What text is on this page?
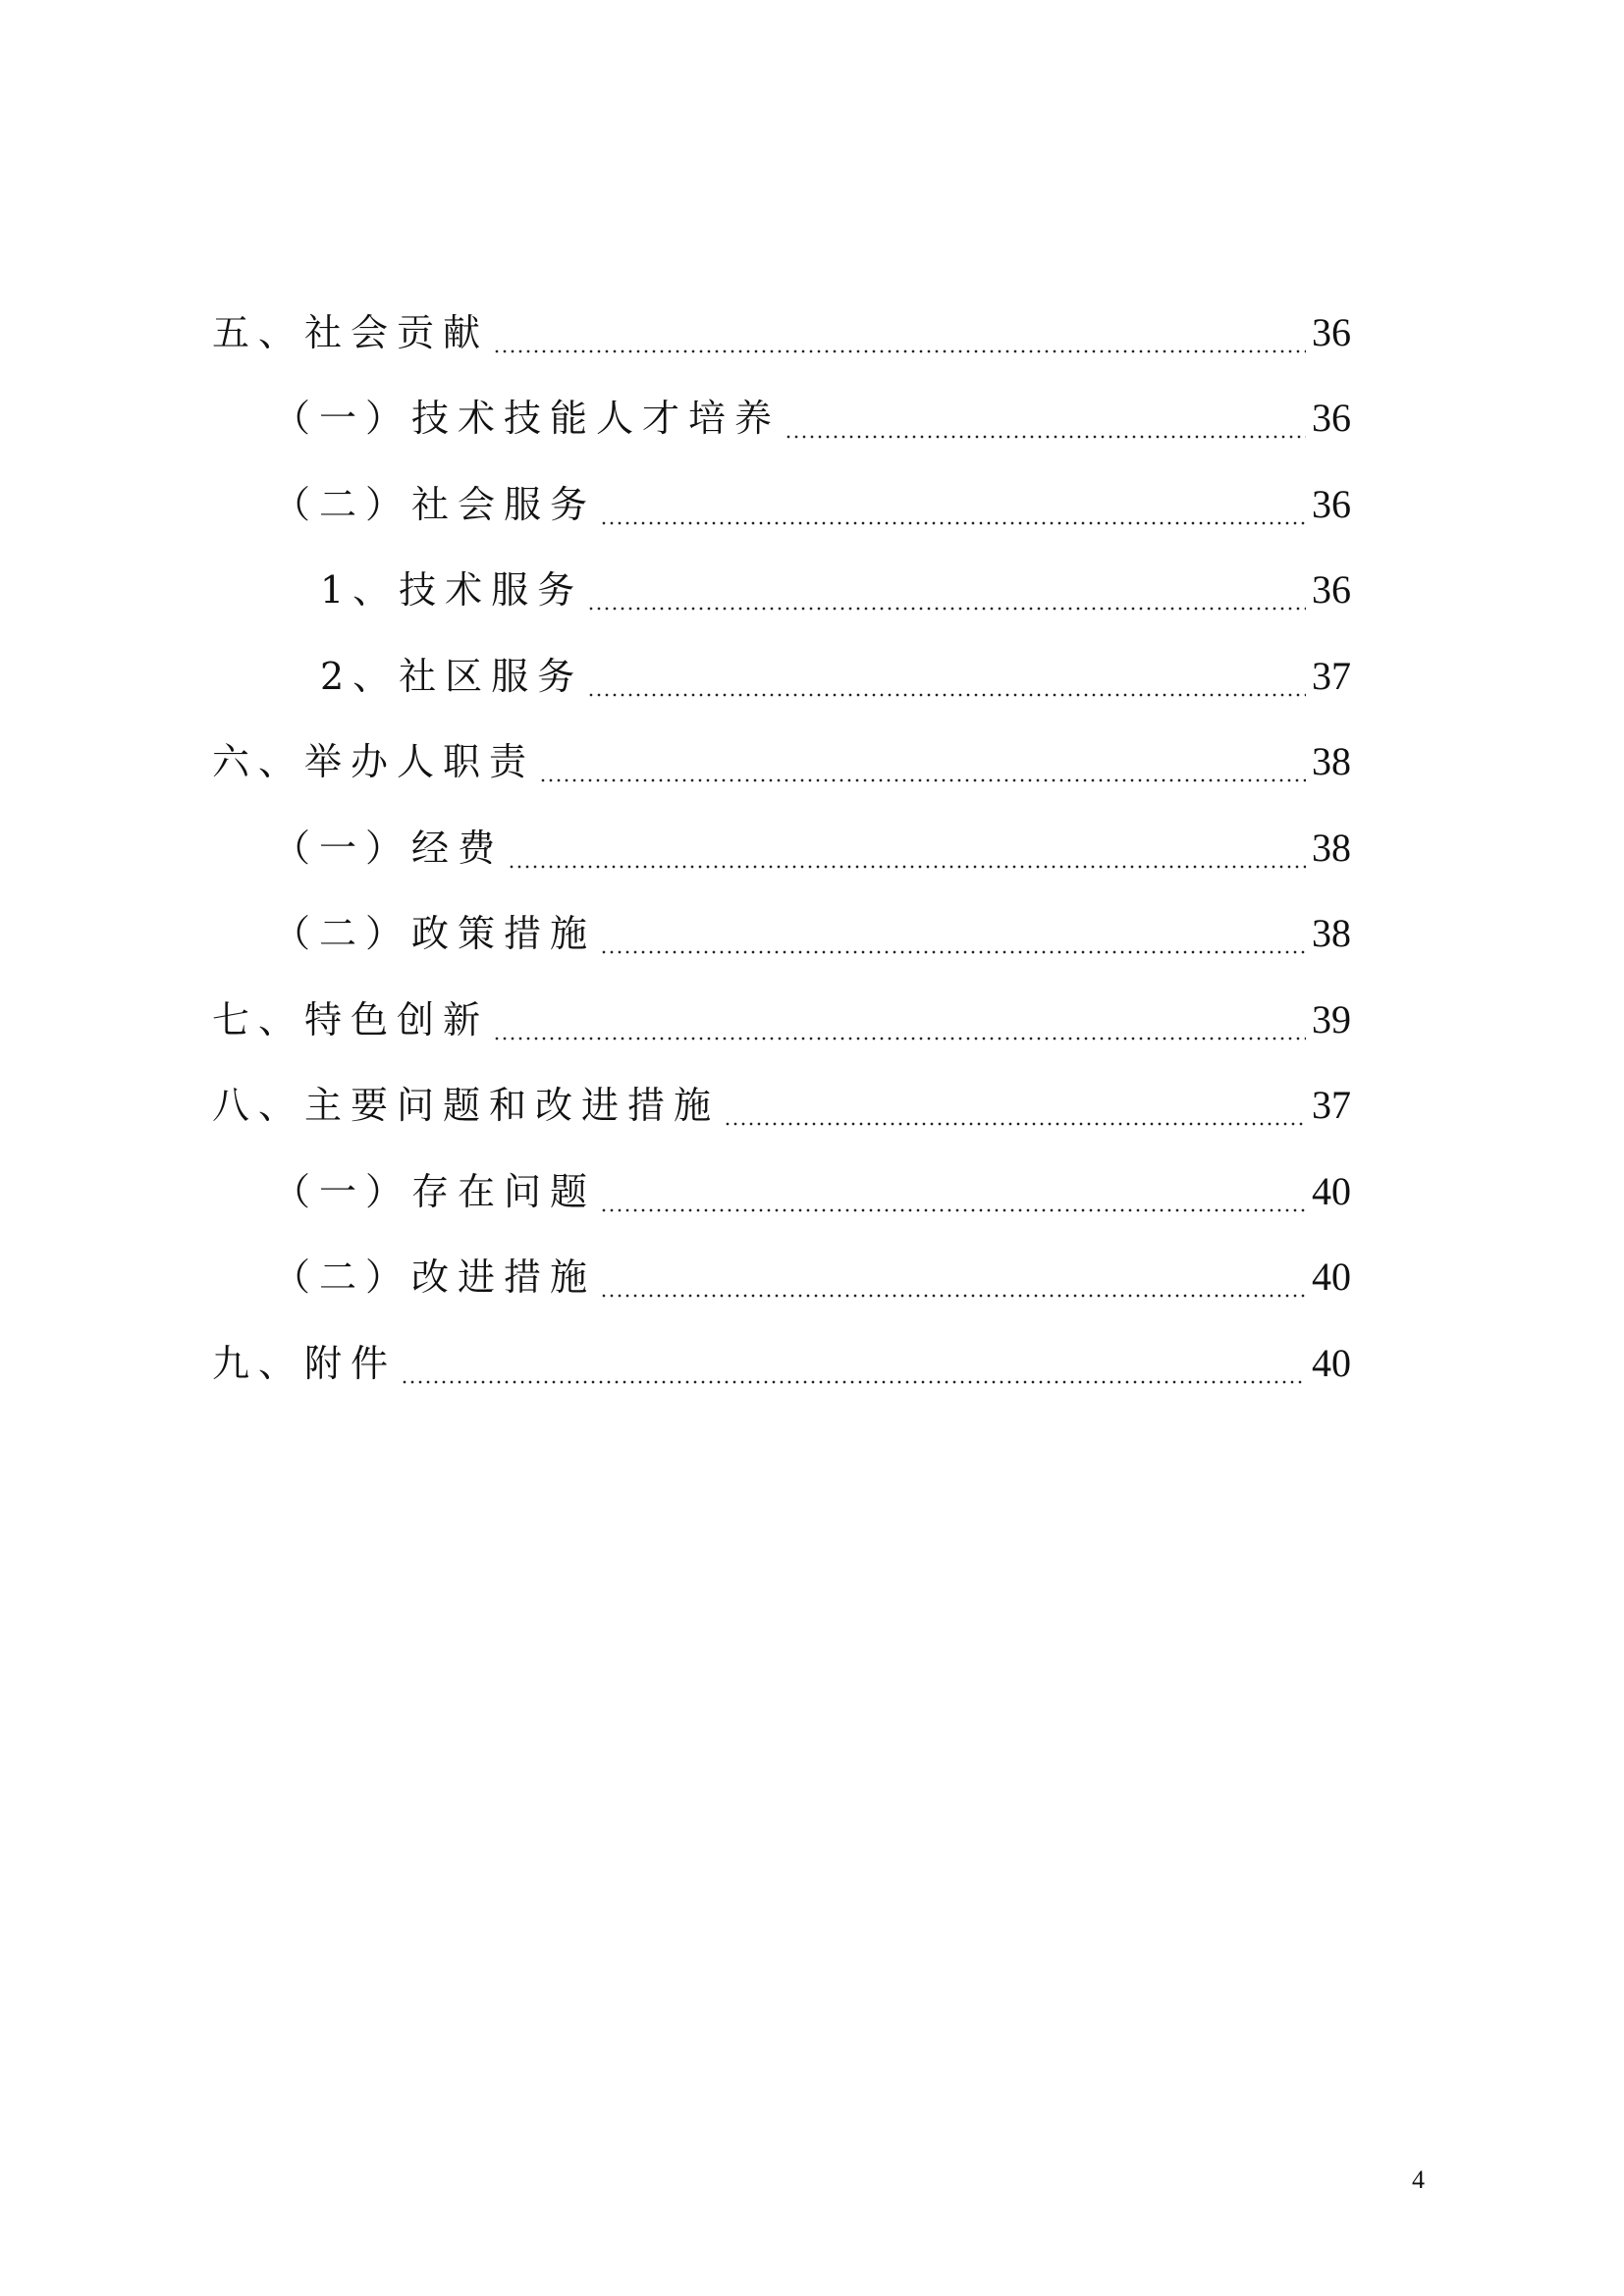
五、社会贡献	36
（一）技术技能人才培养	36
（二）社会服务	36
1、技术服务	36
2、社区服务	37
六、举办人职责	38
（一）经费	38
（二）政策措施	38
七、特色创新	39
八、主要问题和改进措施	37
（一）存在问题	40
（二）改进措施	40
九、附件	40
4
